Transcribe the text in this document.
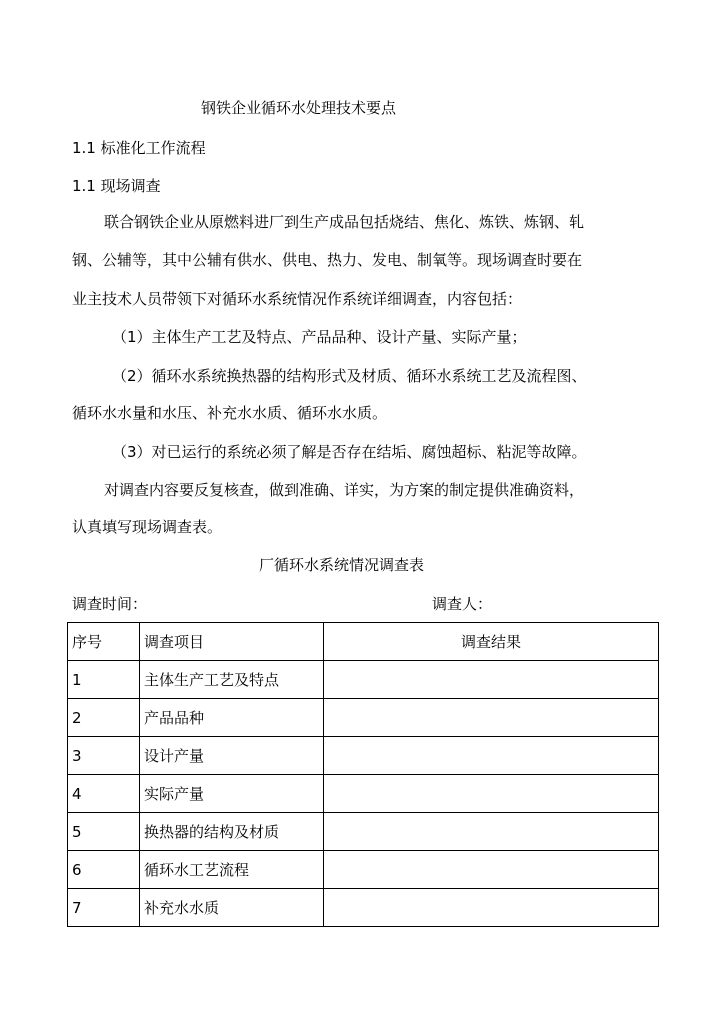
钢铁企业循环水处理技术要点
1.1 标准化工作流程
1.1 现场调查
联合钢铁企业从原燃料进厂到生产成品包括烧结、焦化、炼铁、炼钢、轧
钢、公辅等，其中公辅有供水、供电、热力、发电、制氧等。现场调查时要在
业主技术人员带领下对循环水系统情况作系统详细调查，内容包括：
（1）主体生产工艺及特点、产品品种、设计产量、实际产量；
（2）循环水系统换热器的结构形式及材质、循环水系统工艺及流程图、
循环水水量和水压、补充水水质、循环水水质。
（3）对已运行的系统必须了解是否存在结垢、腐蚀超标、粘泥等故障。
对调查内容要反复核查，做到准确、详实，为方案的制定提供准确资料，
认真填写现场调查表。
厂循环水系统情况调查表
调查时间：	调查人：
序号	调查项目	调查结果
1	主体生产工艺及特点	
2	产品品种	
3	设计产量	
4	实际产量	
5	换热器的结构及材质	
6	循环水工艺流程	
7	补充水水质	
